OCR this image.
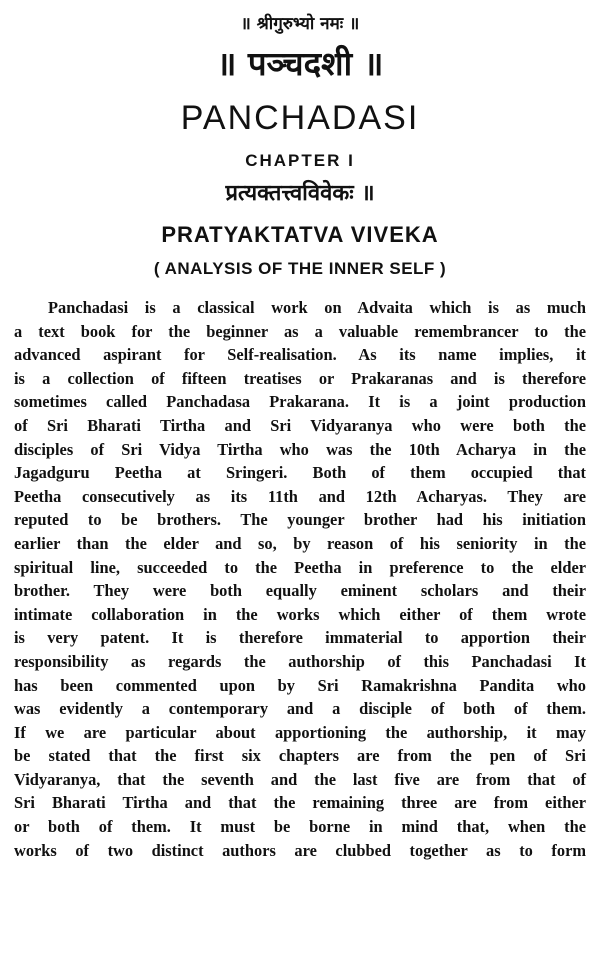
॥ श्रीगुरुभ्यो नमः ॥
॥ पञ्चदशी ॥
PANCHADASI
CHAPTER I
प्रत्यक्तत्त्वविवेकः ॥
PRATYAKTATVA VIVEKA
( ANALYSIS OF THE INNER SELF )
Panchadasi is a classical work on Advaita which is as much
a text book for the beginner as a valuable remembrancer to the
advanced aspirant for Self-realisation. As its name implies, it
is a collection of fifteen treatises or Prakaranas and is therefore
sometimes called Panchadasa Prakarana. It is a joint production
of Sri Bharati Tirtha and Sri Vidyaranya who were both the
disciples of Sri Vidya Tirtha who was the 10th Acharya in the
Jagadguru Peetha at Sringeri. Both of them occupied that
Peetha consecutively as its 11th and 12th Acharyas. They are
reputed to be brothers. The younger brother had his initiation
earlier than the elder and so, by reason of his seniority in the
spiritual line, succeeded to the Peetha in preference to the elder
brother. They were both equally eminent scholars and their
intimate collaboration in the works which either of them wrote
is very patent. It is therefore immaterial to apportion their
responsibility as regards the authorship of this Panchadasi It
has been commented upon by Sri Ramakrishna Pandita who
was evidently a contemporary and a disciple of both of them.
If we are particular about apportioning the authorship, it may
be stated that the first six chapters are from the pen of Sri
Vidyaranya, that the seventh and the last five are from that of
Sri Bharati Tirtha and that the remaining three are from either
or both of them. It must be borne in mind that, when the
works of two distinct authors are clubbed together as to form
